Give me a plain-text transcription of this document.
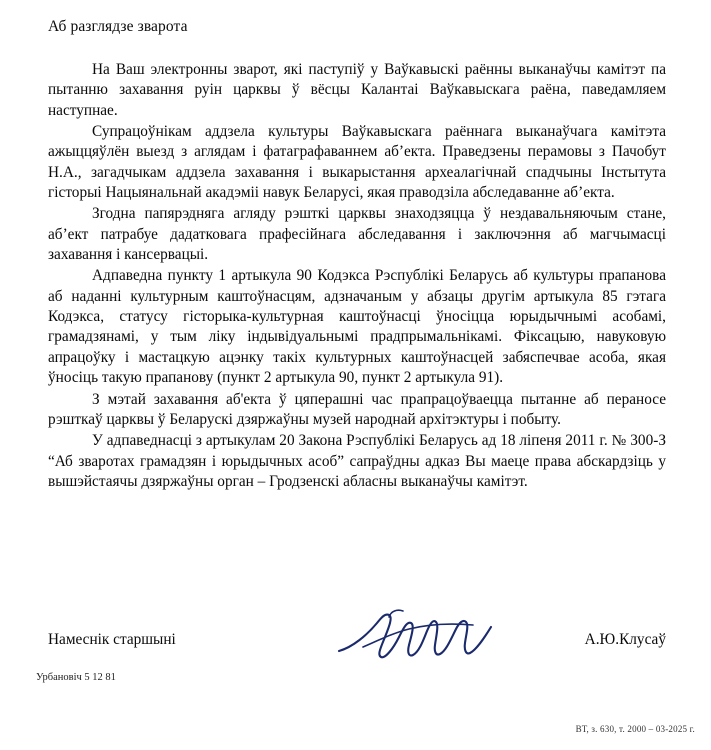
Аб разглядзе зварота

На Ваш электронны зварот, які паступіў у Ваўкавыскі раённы выканаўчы камітэт па пытанню захавання руін царквы ў вёсцы Калантаі Ваўкавыскага раёна, паведамляем наступнае.

Супрацоўнікам аддзела культуры Ваўкавыскага раённага выканаўчага камітэта ажыццяўлён выезд з аглядам і фатаграфаваннем аб’екта. Праведзены перамовы з Пачобут Н.А., загадчыкам аддзела захавання і выкарыстання археалагічнай спадчыны Інстытута гісторыі Нацыянальнай акадэміі навук Беларусі, якая праводзіла абследаванне аб’екта.

Згодна папярэдняга агляду рэшткі царквы знаходзяцца ў нездавальняючым стане, аб’ект патрабуе дадатковага прафесійнага абследавання і заключэння аб магчымасці захавання і кансервацыі.

Адпаведна пункту 1 артыкула 90 Кодэкса Рэспублікі Беларусь аб культуры прапанова аб наданні культурным каштоўнасцям, адзначаным у абзацы другім артыкула 85 гэтага Кодэкса, статусу гісторыка-культурная каштоўнасці ўносіцца юрыдычнымі асобамі, грамадзянамі, у тым ліку індывідуальнымі прадпрымальнікамі. Фіксацыю, навуковую апрацоўку і мастацкую ацэнку такіх культурных каштоўнасцей забяспечвае асоба, якая ўносіць такую прапанову (пункт 2 артыкула 90, пункт 2 артыкула 91).

З мэтай захавання аб'екта ў цяперашні час прапрацоўваецца пытанне аб пераносе рэшткаў царквы ў Беларускі дзяржаўны музей народнай архітэктуры і побыту.

У адпаведнасці з артыкулам 20 Закона Рэспублікі Беларусь ад 18 ліпеня 2011 г. № 300-З “Аб зваротах грамадзян і юрыдычных асоб” сапраўдны адказ Вы маеце права абскардзіць у вышэйстаячы дзяржаўны орган – Гродзенскі абласны выканаўчы камітэт.

Намеснік старшыні	А.Ю.Клусаў
Урбановіч 5 12 81
ВТ, з. 630, т. 2000 – 03-2025 г.
